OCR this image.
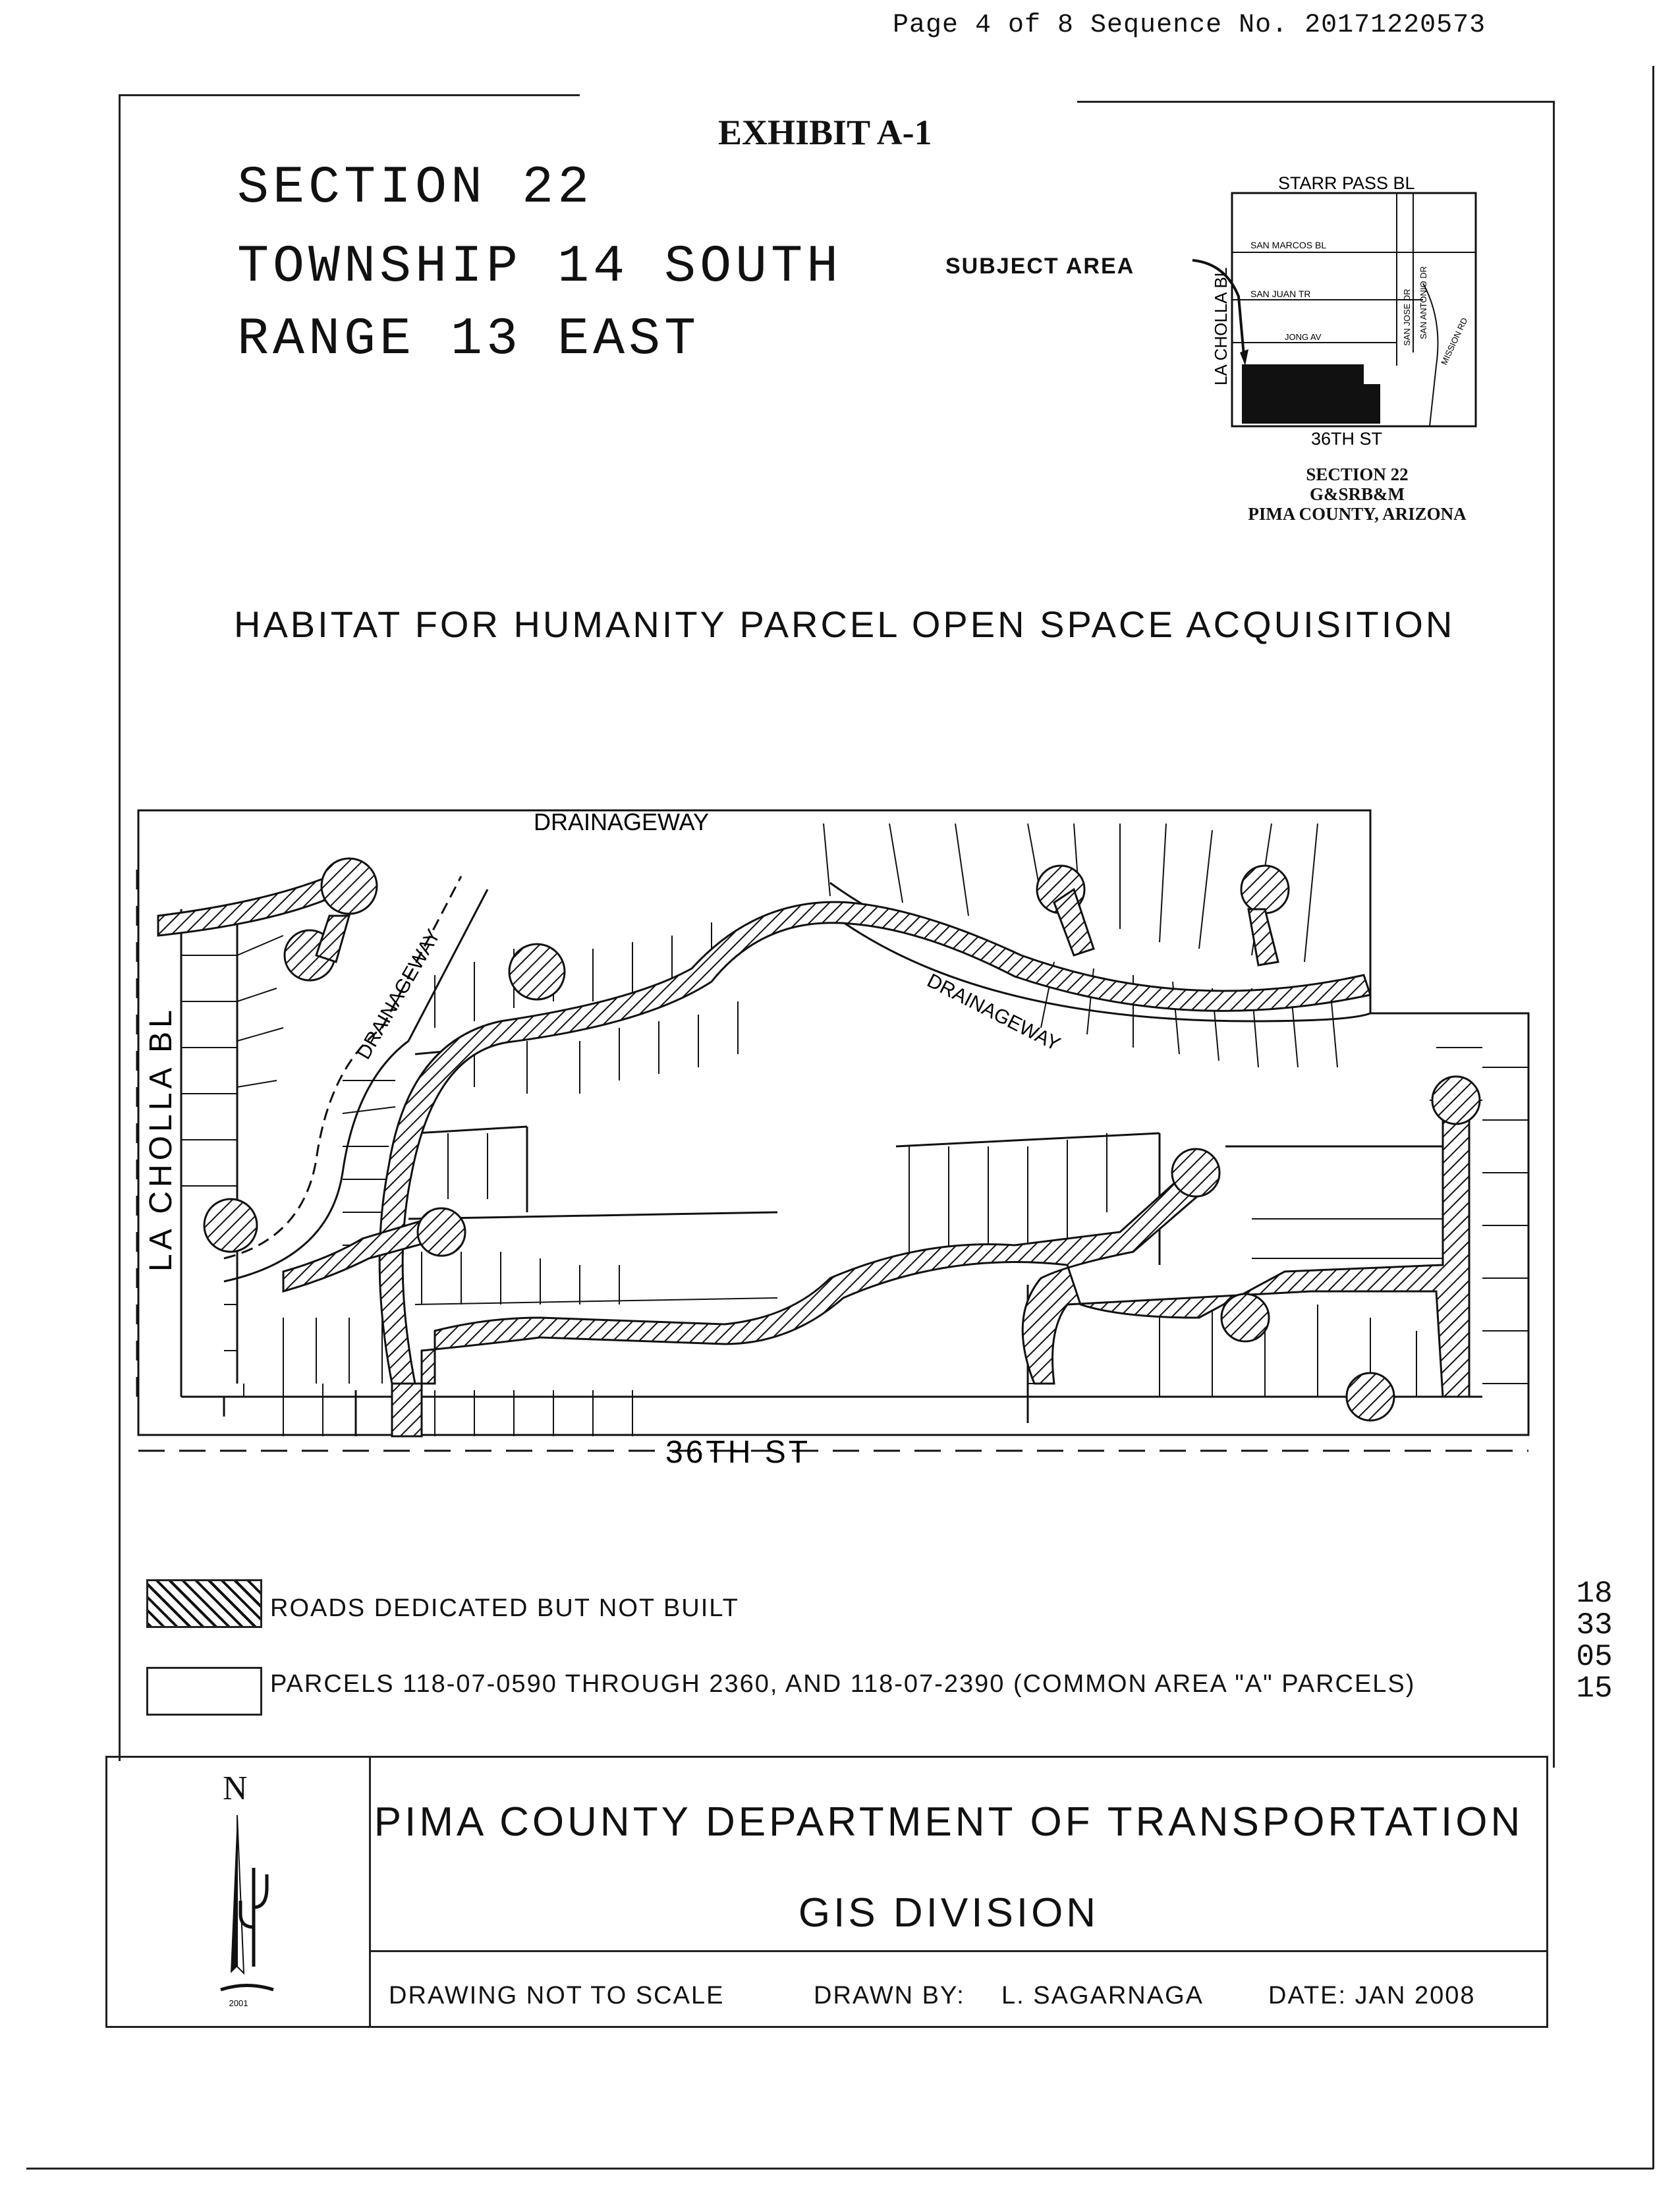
Page 4 of 8 Sequence No. 20171220573
EXHIBIT A-1
SECTION 22
TOWNSHIP 14 SOUTH
RANGE 13 EAST
SUBJECT AREA
STARR PASS BL
SAN MARCOS BL
SAN JUAN TR
JONG AV
LA CHOLLA BL	SAN JOSE DR SAN ANTONIO DR
MISSION RD
36TH ST
SECTION 22
G&SRB&M
PIMA COUNTY, ARIZONA
HABITAT FOR HUMANITY PARCEL OPEN SPACE ACQUISITION
DRAINAGEWAY
DRAINAGEWAY	DRAINAGEWAY
LA CHOLLA BL
36TH ST
ROADS DEDICATED BUT NOT BUILT
PARCELS 118-07-0590 THROUGH 2360, AND 118-07-2390 (COMMON AREA "A" PARCELS)
N
2001
PIMA COUNTY DEPARTMENT OF TRANSPORTATION
GIS DIVISION
DRAWING NOT TO SCALE	DRAWN BY: L. SAGARNAGA	DATE: JAN 2008
1833 0515
